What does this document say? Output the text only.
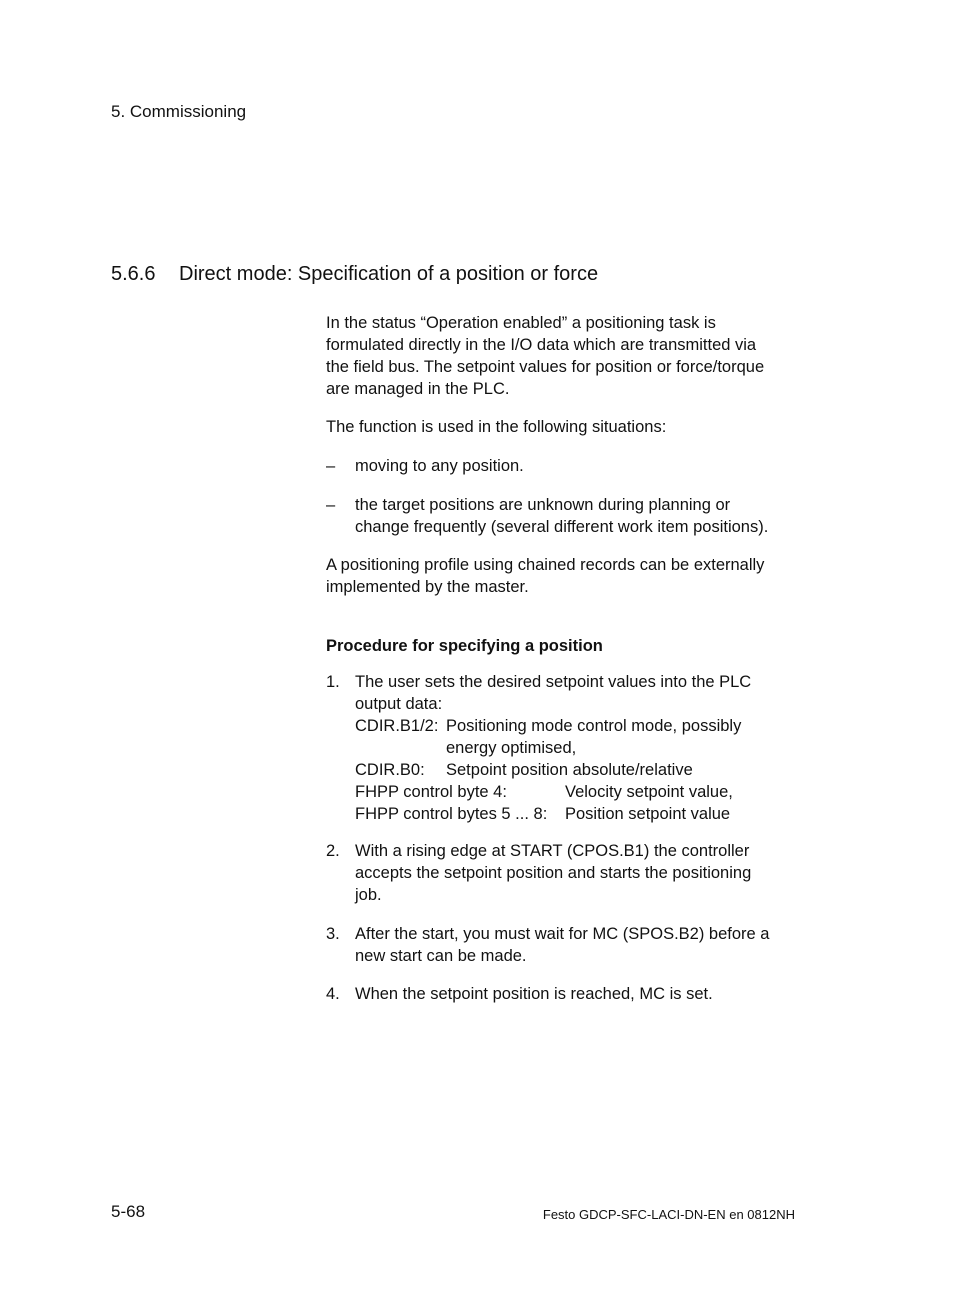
5. Commissioning
5.6.6 Direct mode: Specification of a position or force
In the status “Operation enabled” a positioning task is
formulated directly in the I/O data which are transmitted via
the field bus. The setpoint values for position or force/torque
are managed in the PLC.
The function is used in the following situations:
– moving to any position.
– the target positions are unknown during planning or
change frequently (several different work item positions).
A positioning profile using chained records can be externally
implemented by the master.
Procedure for specifying a position
1. The user sets the desired setpoint values into the PLC
output data:
CDIR.B1/2: Positioning mode control mode, possibly
energy optimised,
CDIR.B0:	Setpoint position absolute/relative
FHPP control byte 4:	Velocity setpoint value,
FHPP control bytes 5 ... 8:	Position setpoint value
2. With a rising edge at START (CPOS.B1) the controller
accepts the setpoint position and starts the positioning
job.
3. After the start, you must wait for MC (SPOS.B2) before a
new start can be made.
4. When the setpoint position is reached, MC is set.
5-68	Festo GDCP-SFC-LACI-DN-EN en 0812NH
